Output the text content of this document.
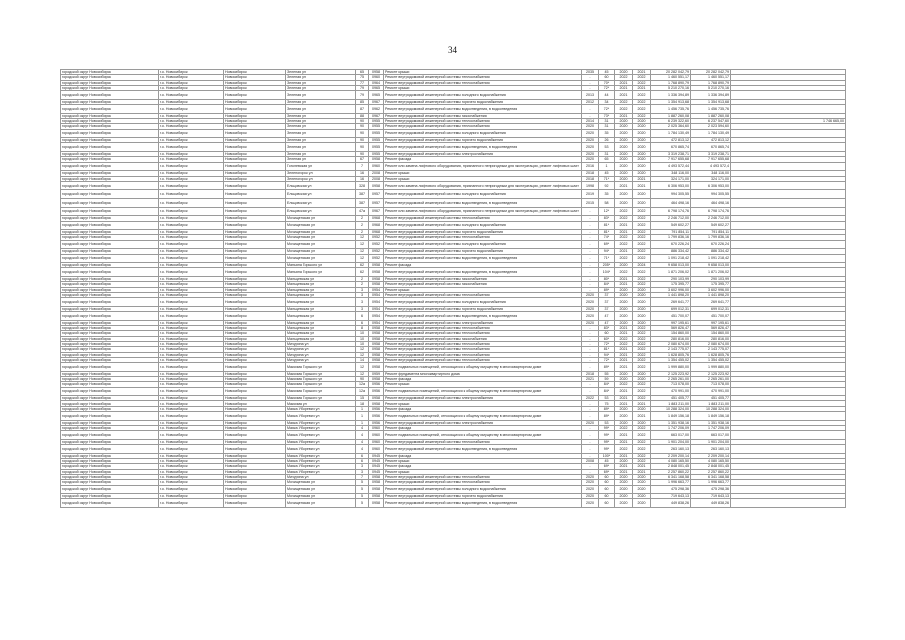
34
городской округ Новосибирск	г.о. Новосибирск	Новосибирск	Зеленая ул	65	0958	Ремонт крыши	2035	45	2020	2021	20 282 042,79	20 282 042,79	
городской округ Новосибирск	г.о. Новосибирск	Новосибирск	Зеленая ул	75	0960	Ремонт внутридомовой инженерной системы теплоснабжения	-	60	2022	2022	1 460 551,17	1 460 551,17	
городской округ Новосибирск	г.о. Новосибирск	Новосибирск	Зеленая ул	77	0964	Ремонт внутридомовой инженерной системы теплоснабжения	-	70*	2021	2022	1 768 890,79	1 768 890,79	
городской округ Новосибирск	г.о. Новосибирск	Новосибирск	Зеленая ул	79	0965	Ремонт крыши	-	72*	2021	2021	5 210 270,16	5 210 270,16	
городской округ Новосибирск	г.о. Новосибирск	Новосибирск	Зеленая ул	79	0965	Ремонт внутридомовой инженерной системы холодного водоснабжения	2013	44	2021	2022	1 336 394,89	1 336 394,89	
городской округ Новосибирск	г.о. Новосибирск	Новосибирск	Зеленая ул	85	0967	Ремонт внутридомовой инженерной системы горячего водоснабжения	2012	34	2022	2022	1 354 913,68	1 354 913,68	
городской округ Новосибирск	г.о. Новосибирск	Новосибирск	Зеленая ул	87	0962	Ремонт внутридомовой инженерной системы водоотведения, в водоотведения	-	72*	2022	2022	1 456 735,76	1 456 735,76	
городской округ Новосибирск	г.о. Новосибирск	Новосибирск	Зеленая ул	88	0967	Ремонт внутридомовой инженерной системы газоснабжения	-	73*	2021	2022	1 887 260,08	1 887 260,08	
городской округ Новосибирск	г.о. Новосибирск	Новосибирск	Зеленая ул	90	0955	Ремонт внутридомовой инженерной системы теплоснабжения	2014	31	2020	2020	6 239 322,60	6 237 547,60	1 746 665,00
городской округ Новосибирск	г.о. Новосибирск	Новосибирск	Зеленая ул	90	0955	Ремонт внутридомовой инженерной системы теплоснабжения	2020	31	2020	2020	2 025 364,60	2 023 594,60	
городской округ Новосибирск	г.о. Новосибирск	Новосибирск	Зеленая ул	90	0955	Ремонт внутридомовой инженерной системы холодного водоснабжения	2020	35	2020	2020	1 784 130,49	1 784 130,49	
городской округ Новосибирск	г.о. Новосибирск	Новосибирск	Зеленая ул	90	0955	Ремонт внутридомовой инженерной системы горячего водоснабжения	2020	26	2020	2020	472 813,12	472 813,12	
городской округ Новосибирск	г.о. Новосибирск	Новосибирск	Зеленая ул	90	0955	Ремонт внутридомовой инженерной системы водоотведения, в водоотведения	2020	53	2020	2020	670 865,74	670 865,74	
городской округ Новосибирск	г.о. Новосибирск	Новосибирск	Зеленая ул	90	0955	Ремонт внутридомовой инженерной системы электроснабжения	2020	31	2020	2020	3 319 238,71	3 319 238,71	
городской округ Новосибирск	г.о. Новосибирск	Новосибирск	Зеленая ул	67	0958	Ремонт фасада	2020	65	2020	2020	7 917 655,68	7 917 655,68	
городской округ Новосибирск	г.о. Новосибирск	Новосибирск	Гоголевская ул	7	0960	Ремонт или замена лифтового оборудования, признанного непригодным для эксплуатации, ремонт лифтовых шахт	2016	1	2020	2020	4 493 572,44	4 493 572,4	
городской округ Новосибирск	г.о. Новосибирск	Новосибирск	Зеленогорск ул	16	2008	Ремонт крыши	2018	45	2020	2020	348 116,00	348 116,00	
городской округ Новосибирск	г.о. Новосибирск	Новосибирск	Зеленогорск ул	16	2008	Ремонт крыши	2018	71*	2020	2021	324 171,00	324 171,00	
городской округ Новосибирск	г.о. Новосибирск	Новосибирск	Ельцовская ул	328	0958	Ремонт или замена лифтового оборудования, признанного непригодным для эксплуатации, ремонт лифтовых шахт	1998	92	2021	2021	6 306 953,00	6 306 953,00	
городской округ Новосибирск	г.о. Новосибирск	Новосибирск	Ельцовская ул	387	0957	Ремонт внутридомовой инженерной системы холодного водоснабжения	2019	35	2020	2020	994 305,55	994 305,55	
городской округ Новосибирск	г.о. Новосибирск	Новосибирск	Ельцовская ул	387	0957	Ремонт внутридомовой инженерной системы водоотведения, в водоотведения	2015	58	2020	2020	464 498,16	464 498,16	
городской округ Новосибирск	г.о. Новосибирск	Новосибирск	Ельцовская ул	47а	0967	Ремонт или замена лифтового оборудования, признанного непригодным для эксплуатации, ремонт лифтовых шахт	-	12*	2022	2022	6 798 174,76	6 798 174,76	
городской округ Новосибирск	г.о. Новосибирск	Новосибирск	Мочищенская ул	2	0968	Ремонт внутридомовой инженерной системы теплоснабжения	-	83*	2022	2022	2 246 712,00	2 246 712,00	
городской округ Новосибирск	г.о. Новосибирск	Новосибирск	Мочищенская ул	2	0968	Ремонт внутридомовой инженерной системы холодного водоснабжения	-	81*	2021	2022	549 602,27	549 602,27	
городской округ Новосибирск	г.о. Новосибирск	Новосибирск	Мочищенская ул	2	0968	Ремонт внутридомовой инженерной системы горячего водоснабжения	-	81*	2021	2022	791 854,11	791 854,11	
городской округ Новосибирск	г.о. Новосибирск	Новосибирск	Мочищенская ул	12	0952	Ремонт внутридомовой инженерной системы теплоснабжения	-	74*	2022	2022	1 799 836,16	1 799 836,16	
городской округ Новосибирск	г.о. Новосибирск	Новосибирск	Мочищенская ул	12	0952	Ремонт внутридомовой инженерной системы холодного водоснабжения	-	69*	2022	2022	670 226,24	670 226,24	
городской округ Новосибирск	г.о. Новосибирск	Новосибирск	Мочищенская ул	12	0952	Ремонт внутридомовой инженерной системы горячего водоснабжения	-	94*	2021	2022	886 334,42	886 334,42	
городской округ Новосибирск	г.о. Новосибирск	Новосибирск	Мочищенская ул	12	0952	Ремонт внутридомовой инженерной системы водоотведения, в водоотведения	-	71*	2022	2022	1 091 218,42	1 091 218,42	
городской округ Новосибирск	г.о. Новосибирск	Новосибирск	Маньяна Горького ул	62	0958	Ремонт фасада	-	205*	2020	2024	9 658 013,00	9 658 013,00	
городской округ Новосибирск	г.о. Новосибирск	Новосибирск	Маньяна Горького ул	62	0958	Ремонт внутридомовой инженерной системы водоотведения, в водоотведения	-	104*	2022	2022	1 871 206,02	1 871 206,02	
городской округ Новосибирск	г.о. Новосибирск	Новосибирск	Мальцевская ул	2	0958	Ремонт внутридомовой инженерной системы газоснабжения	-	80*	2021	2022	290 103,99	290 103,99	
городской округ Новосибирск	г.о. Новосибирск	Новосибирск	Мальцевская ул	2	0958	Ремонт внутридомовой инженерной системы газоснабжения	-	84*	2021	2022	175 395,77	175 395,77	
городской округ Новосибирск	г.о. Новосибирск	Новосибирск	Мальцевская ул	3	0954	Ремонт крыши	-	89*	2020	2020	3 602 996,00	3 602 996,00	
городской округ Новосибирск	г.о. Новосибирск	Новосибирск	Мальцевская ул	3	0954	Ремонт внутридомовой инженерной системы теплоснабжения	2020	37	2020	2020	1 441 898,20	1 441 898,20	
городской округ Новосибирск	г.о. Новосибирск	Новосибирск	Мальцевская ул	3	0954	Ремонт внутридомовой инженерной системы холодного водоснабжения	2020	37	2020	2020	269 641,77	269 641,77	
городской округ Новосибирск	г.о. Новосибирск	Новосибирск	Мальцевская ул	3	0954	Ремонт внутридомовой инженерной системы горячего водоснабжения	2020	37	2020	2020	699 012,31	699 012,31	
городской округ Новосибирск	г.о. Новосибирск	Новосибирск	Мальцевская ул	6	0954	Ремонт внутридомовой инженерной системы водоотведения, в водоотведения	2020	47	2020	2020	451 700,07	451 700,07	
городской округ Новосибирск	г.о. Новосибирск	Новосибирск	Мальцевская ул	6	0954	Ремонт внутридомовой инженерной системы электроснабжения	2020	47	2020	2020	997 195,61	997 195,61	
городской округ Новосибирск	г.о. Новосибирск	Новосибирск	Мальцевская ул	8	0958	Ремонт внутридомовой инженерной системы теплоснабжения	-	83*	2021	2022	569 826,47	569 826,47	
городской округ Новосибирск	г.о. Новосибирск	Новосибирск	Мальцевская ул	10	0958	Ремонт внутридомовой инженерной системы теплоснабжения	-	60	2021	2022	154 860,00	154 860,00	
городской округ Новосибирск	г.о. Новосибирск	Новосибирск	Мальцевская ул	10	0958	Ремонт внутридомовой инженерной системы газоснабжения	-	60*	2022	2022	280 816,00	280 816,00	
городской округ Новосибирск	г.о. Новосибирск	Новосибирск	Мичурина ул	10	0958	Ремонт внутридомовой инженерной системы теплоснабжения	-	72*	2022	2022	2 080 674,00	2 080 674,00	
городской округ Новосибирск	г.о. Новосибирск	Новосибирск	Мичурина ул	12	0958	Ремонт внутридомовой инженерной системы теплоснабжения	-	81*	2021	2022	2 143 775,07	2 143 775,07	
городской округ Новосибирск	г.о. Новосибирск	Новосибирск	Мичурина ул	12	0958	Ремонт внутридомовой инженерной системы теплоснабжения	-	94*	2021	2022	1 628 805,76	1 628 805,76	
городской округ Новосибирск	г.о. Новосибирск	Новосибирск	Мичурина ул	14	0958	Ремонт внутридомовой инженерной системы теплоснабжения	-	72*	2021	2022	1 354 455,02	1 354 455,02	
городской округ Новосибирск	г.о. Новосибирск	Новосибирск	Максима Горького ул	12	0958	Ремонт подвальных помещений, относящихся к общему имуществу в многоквартирном доме	-	89*	2021	2022	1 999 880,00	1 999 880,00	
городской округ Новосибирск	г.о. Новосибирск	Новосибирск	Максима Горького ул	12	0959	Ремонт фундамента многоквартирного дома	2018	55	2020	2020	2 125 223,92	2 125 223,92	
городской округ Новосибирск	г.о. Новосибирск	Новосибирск	Максима Горького ул	90	0958	Ремонт фасада	2021	59	2020	2020	2 265 261,00	2 265 261,00	
городской округ Новосибирск	г.о. Новосибирск	Новосибирск	Максима Горького ул	12а	0956	Ремонт крыши	-	84*	2022	2022	713 078,00	713 078,00	
городской округ Новосибирск	г.о. Новосибирск	Новосибирск	Максима Горького ул	12а	0956	Ремонт подвальных помещений, относящихся к общему имуществу в многоквартирном доме	-	84*	2021	2022	470 991,00	470 991,00	
городской округ Новосибирск	г.о. Новосибирск	Новосибирск	Максима Горького ул	15	0958	Ремонт внутридомовой инженерной системы электроснабжения	2022	53	2021	2022	451 405,77	451 405,77	
городской округ Новосибирск	г.о. Новосибирск	Новосибирск	Максима ул	18	0958	Ремонт крыши	-	75	2021	2021	1 883 211,00	1 883 211,00	
городской округ Новосибирск	г.о. Новосибирск	Новосибирск	Маяка Уборевич ул	1	0956	Ремонт фасада	-	89*	2020	2020	10 288 324,00	10 288 324,00	
городской округ Новосибирск	г.о. Новосибирск	Новосибирск	Маяка Уборевич ул	1	0956	Ремонт подвальных помещений, относящихся к общему имуществу в многоквартирном доме	-	89*	2020	2021	1 849 156,18	1 849 156,18	
городской округ Новосибирск	г.о. Новосибирск	Новосибирск	Маяка Уборевич ул	1	0956	Ремонт внутридомовой инженерной системы электроснабжения	2020	53	2020	2020	1 351 938,16	1 351 938,16	
городской округ Новосибирск	г.о. Новосибирск	Новосибирск	Маяка Уборевич ул	4	0960	Ремонт фасада	-	99*	2022	2022	1 747 206,09	1 747 206,09	
городской округ Новосибирск	г.о. Новосибирск	Новосибирск	Маяка Уборевич ул	4	0960	Ремонт подвальных помещений, относящихся к общему имуществу в многоквартирном доме	-	99*	2021	2022	663 017,00	663 017,00	
городской округ Новосибирск	г.о. Новосибирск	Новосибирск	Маяка Уборевич ул	4	0960	Ремонт внутридомовой инженерной системы теплоснабжения	-	99*	2021	2022	1 901 204,00	1 901 204,00	
городской округ Новосибирск	г.о. Новосибирск	Новосибирск	Маяка Уборевич ул	4	0960	Ремонт внутридомовой инженерной системы водоотведения, в водоотведения	-	99*	2022	2022	263 160,13	263 160,13	
городской округ Новосибирск	г.о. Новосибирск	Новосибирск	Маяка Уборевич ул	6	0945	Ремонт фасада	-	100*	2021	2022	2 209 200,14	2 209 200,14	
городской округ Новосибирск	г.о. Новосибирск	Новосибирск	Маяка Уборевич ул	6	0945	Ремонт крыши	2008	45	2020	2022	4 080 165,50	4 080 165,50	
городской округ Новосибирск	г.о. Новосибирск	Новосибирск	Маяка Уборевич ул	3	0945	Ремонт фасада	-	69*	2021	2021	2 848 001,45	2 848 001,45	
городской округ Новосибирск	г.о. Новосибирск	Новосибирск	Маяка Уборевич ул	3	0945	Ремонт крыши	-	69*	2021	2021	2 257 860,22	2 257 860,22	
городской округ Новосибирск	г.о. Новосибирск	Новосибирск	Мичурина ул	7	0958	Ремонт внутридомовой инженерной системы теплоснабжения	2020	60	2020	2020	6 341 168,58	6 341 168,58	
городской округ Новосибирск	г.о. Новосибирск	Новосибирск	Мочищенская ул	5	0958	Ремонт внутридомовой инженерной системы теплоснабжения	2020	60	2020	2020	1 996 663,77	1 996 663,77	
городской округ Новосибирск	г.о. Новосибирск	Новосибирск	Мочищенская ул	5	0958	Ремонт внутридомовой инженерной системы холодного водоснабжения	2020	60	2020	2020	475 298,36	475 298,36	
городской округ Новосибирск	г.о. Новосибирск	Новосибирск	Мочищенская ул	5	0958	Ремонт внутридомовой инженерной системы горячего водоснабжения	2020	60	2020	2020	719 643,13	719 643,13	
городской округ Новосибирск	г.о. Новосибирск	Новосибирск	Мочищенская ул	5	0958	Ремонт внутридомовой инженерной системы водоотведения, в водоотведения	2020	60	2020	2020	449 838,26	449 838,26	
